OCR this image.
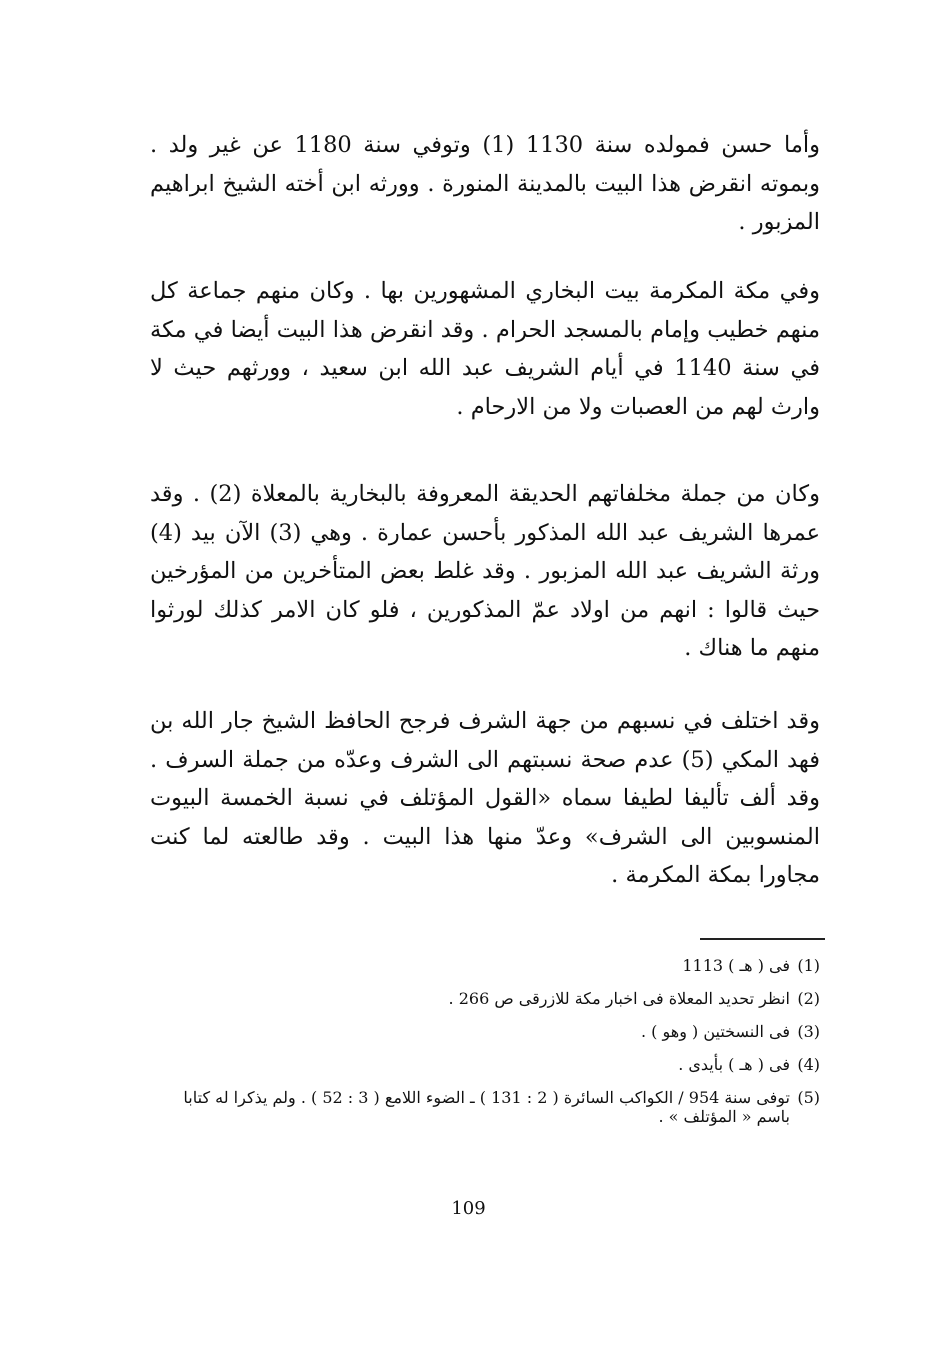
وأما حسن فمولده سنة 1130 (1) وتوفي سنة 1180 عن غير ولد . وبموته انقرض هذا البيت بالمدينة المنورة . وورثه ابن أخته الشيخ ابراهيم المزبور .

وفي مكة المكرمة بيت البخاري المشهورين بها . وكان منهم جماعة كل منهم خطيب وإمام بالمسجد الحرام . وقد انقرض هذا البيت أيضا في مكة في سنة 1140 في أيام الشريف عبد الله ابن سعيد ، وورثهم حيث لا وارث لهم من العصبات ولا من الارحام .

وكان من جملة مخلفاتهم الحديقة المعروفة بالبخارية بالمعلاة (2) . وقد عمرها الشريف عبد الله المذكور بأحسن عمارة . وهي (3) الآن بيد (4) ورثة الشريف عبد الله المزبور . وقد غلط بعض المتأخرين من المؤرخين حيث قالوا : انهم من اولاد عمّ المذكورين ، فلو كان الامر كذلك لورثوا منهم ما هناك .

وقد اختلف في نسبهم من جهة الشرف فرجح الحافظ الشيخ جار الله بن فهد المكي (5) عدم صحة نسبتهم الى الشرف وعدّه من جملة السرف . وقد ألف تأليفا لطيفا سماه «القول المؤتلف في نسبة الخمسة البيوت المنسوبين الى الشرف» وعدّ منها هذا البيت . وقد طالعته لما كنت مجاورا بمكة المكرمة .

(1)
فى ( هـ ) 1113
(2)
انظر تحديد المعلاة فى اخبار مكة للازرقى ص 266 .
(3)
فى النسختين ( وهو ) .
(4)
فى ( هـ ) بأيدى .
(5)
توفى سنة 954 / الكواكب السائرة ( 2 : 131 ) ـ الضوء اللامع ( 3 : 52 ) . ولم يذكرا له كتابا باسم « المؤتلف » .
109
